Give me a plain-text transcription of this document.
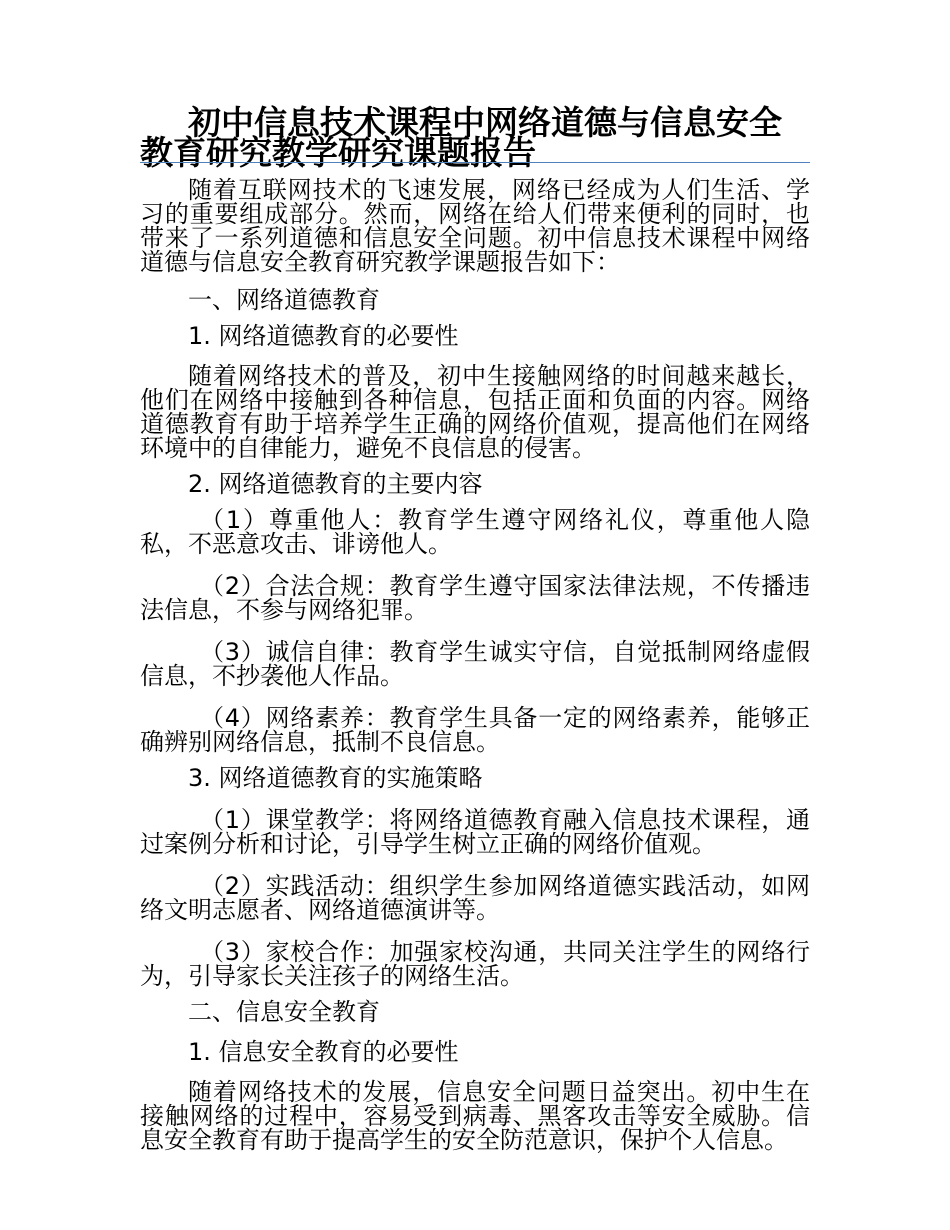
初中信息技术课程中网络道德与信息安全教育研究教学研究课题报告

随着互联网技术的飞速发展，网络已经成为人们生活、学习的重要组成部分。然而，网络在给人们带来便利的同时，也带来了一系列道德和信息安全问题。初中信息技术课程中网络道德与信息安全教育研究教学课题报告如下：

一、网络道德教育

1. 网络道德教育的必要性

随着网络技术的普及，初中生接触网络的时间越来越长，他们在网络中接触到各种信息，包括正面和负面的内容。网络道德教育有助于培养学生正确的网络价值观，提高他们在网络环境中的自律能力，避免不良信息的侵害。

2. 网络道德教育的主要内容

（1）尊重他人：教育学生遵守网络礼仪，尊重他人隐私，不恶意攻击、诽谤他人。

（2）合法合规：教育学生遵守国家法律法规，不传播违法信息，不参与网络犯罪。

（3）诚信自律：教育学生诚实守信，自觉抵制网络虚假信息，不抄袭他人作品。

（4）网络素养：教育学生具备一定的网络素养，能够正确辨别网络信息，抵制不良信息。

3. 网络道德教育的实施策略

（1）课堂教学：将网络道德教育融入信息技术课程，通过案例分析和讨论，引导学生树立正确的网络价值观。

（2）实践活动：组织学生参加网络道德实践活动，如网络文明志愿者、网络道德演讲等。

（3）家校合作：加强家校沟通，共同关注学生的网络行为，引导家长关注孩子的网络生活。

二、信息安全教育

1. 信息安全教育的必要性

随着网络技术的发展，信息安全问题日益突出。初中生在接触网络的过程中，容易受到病毒、黑客攻击等安全威胁。信息安全教育有助于提高学生的安全防范意识，保护个人信息。
